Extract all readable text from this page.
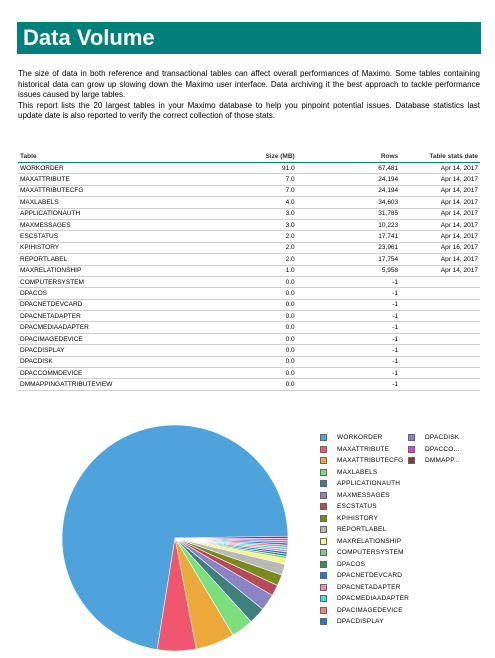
Data Volume

The size of data in both reference and transactional tables can affect overall performances of Maximo. Some tables containing historical data can grow up slowing down the Maximo user interface. Data archiving it the best approach to tackle performance issues caused by large tables.

This report lists the 20 largest tables in your Maximo database to help you pinpoint potential issues. Database statistics last update date is also reported to verify the correct collection of those stats.

Table	Size (MB)	Rows	Table stats date
WORKORDER	91.0	67,481	Apr 14, 2017
MAXATTRIBUTE	7.0	24,194	Apr 14, 2017
MAXATTRIBUTECFG	7.0	24,194	Apr 14, 2017
MAXLABELS	4.0	34,603	Apr 14, 2017
APPLICATIONAUTH	3.0	31,785	Apr 14, 2017
MAXMESSAGES	3.0	10,223	Apr 14, 2017
ESCSTATUS	2.0	17,741	Apr 14, 2017
KPIHISTORY	2.0	23,961	Apr 16, 2017
REPORTLABEL	2.0	17,754	Apr 14, 2017
MAXRELATIONSHIP	1.0	5,958	Apr 14, 2017
COMPUTERSYSTEM	0.0	-1	
DPACOS	0.0	-1	
DPACNETDEVCARD	0.0	-1	
DPACNETADAPTER	0.0	-1	
DPACMEDIAADAPTER	0.0	-1	
DPACIMAGEDEVICE	0.0	-1	
DPACDISPLAY	0.0	-1	
DPACDISK	0.0	-1	
DPACCOMMDEVICE	0.0	-1	
DMMAPPINGATTRIBUTEVIEW	0.0	-1	
WORKORDER
MAXATTRIBUTE
MAXATTRIBUTECFG
MAXLABELS
APPLICATIONAUTH
MAXMESSAGES
ESCSTATUS
KPIHISTORY
REPORTLABEL
MAXRELATIONSHIP
COMPUTERSYSTEM
DPACOS
DPACNETDEVCARD
DPACNETADAPTER
DPACMEDIAADAPTER
DPACIMAGEDEVICE
DPACDISPLAY
DPACDISK
DPACCO...
DMMAPP...
